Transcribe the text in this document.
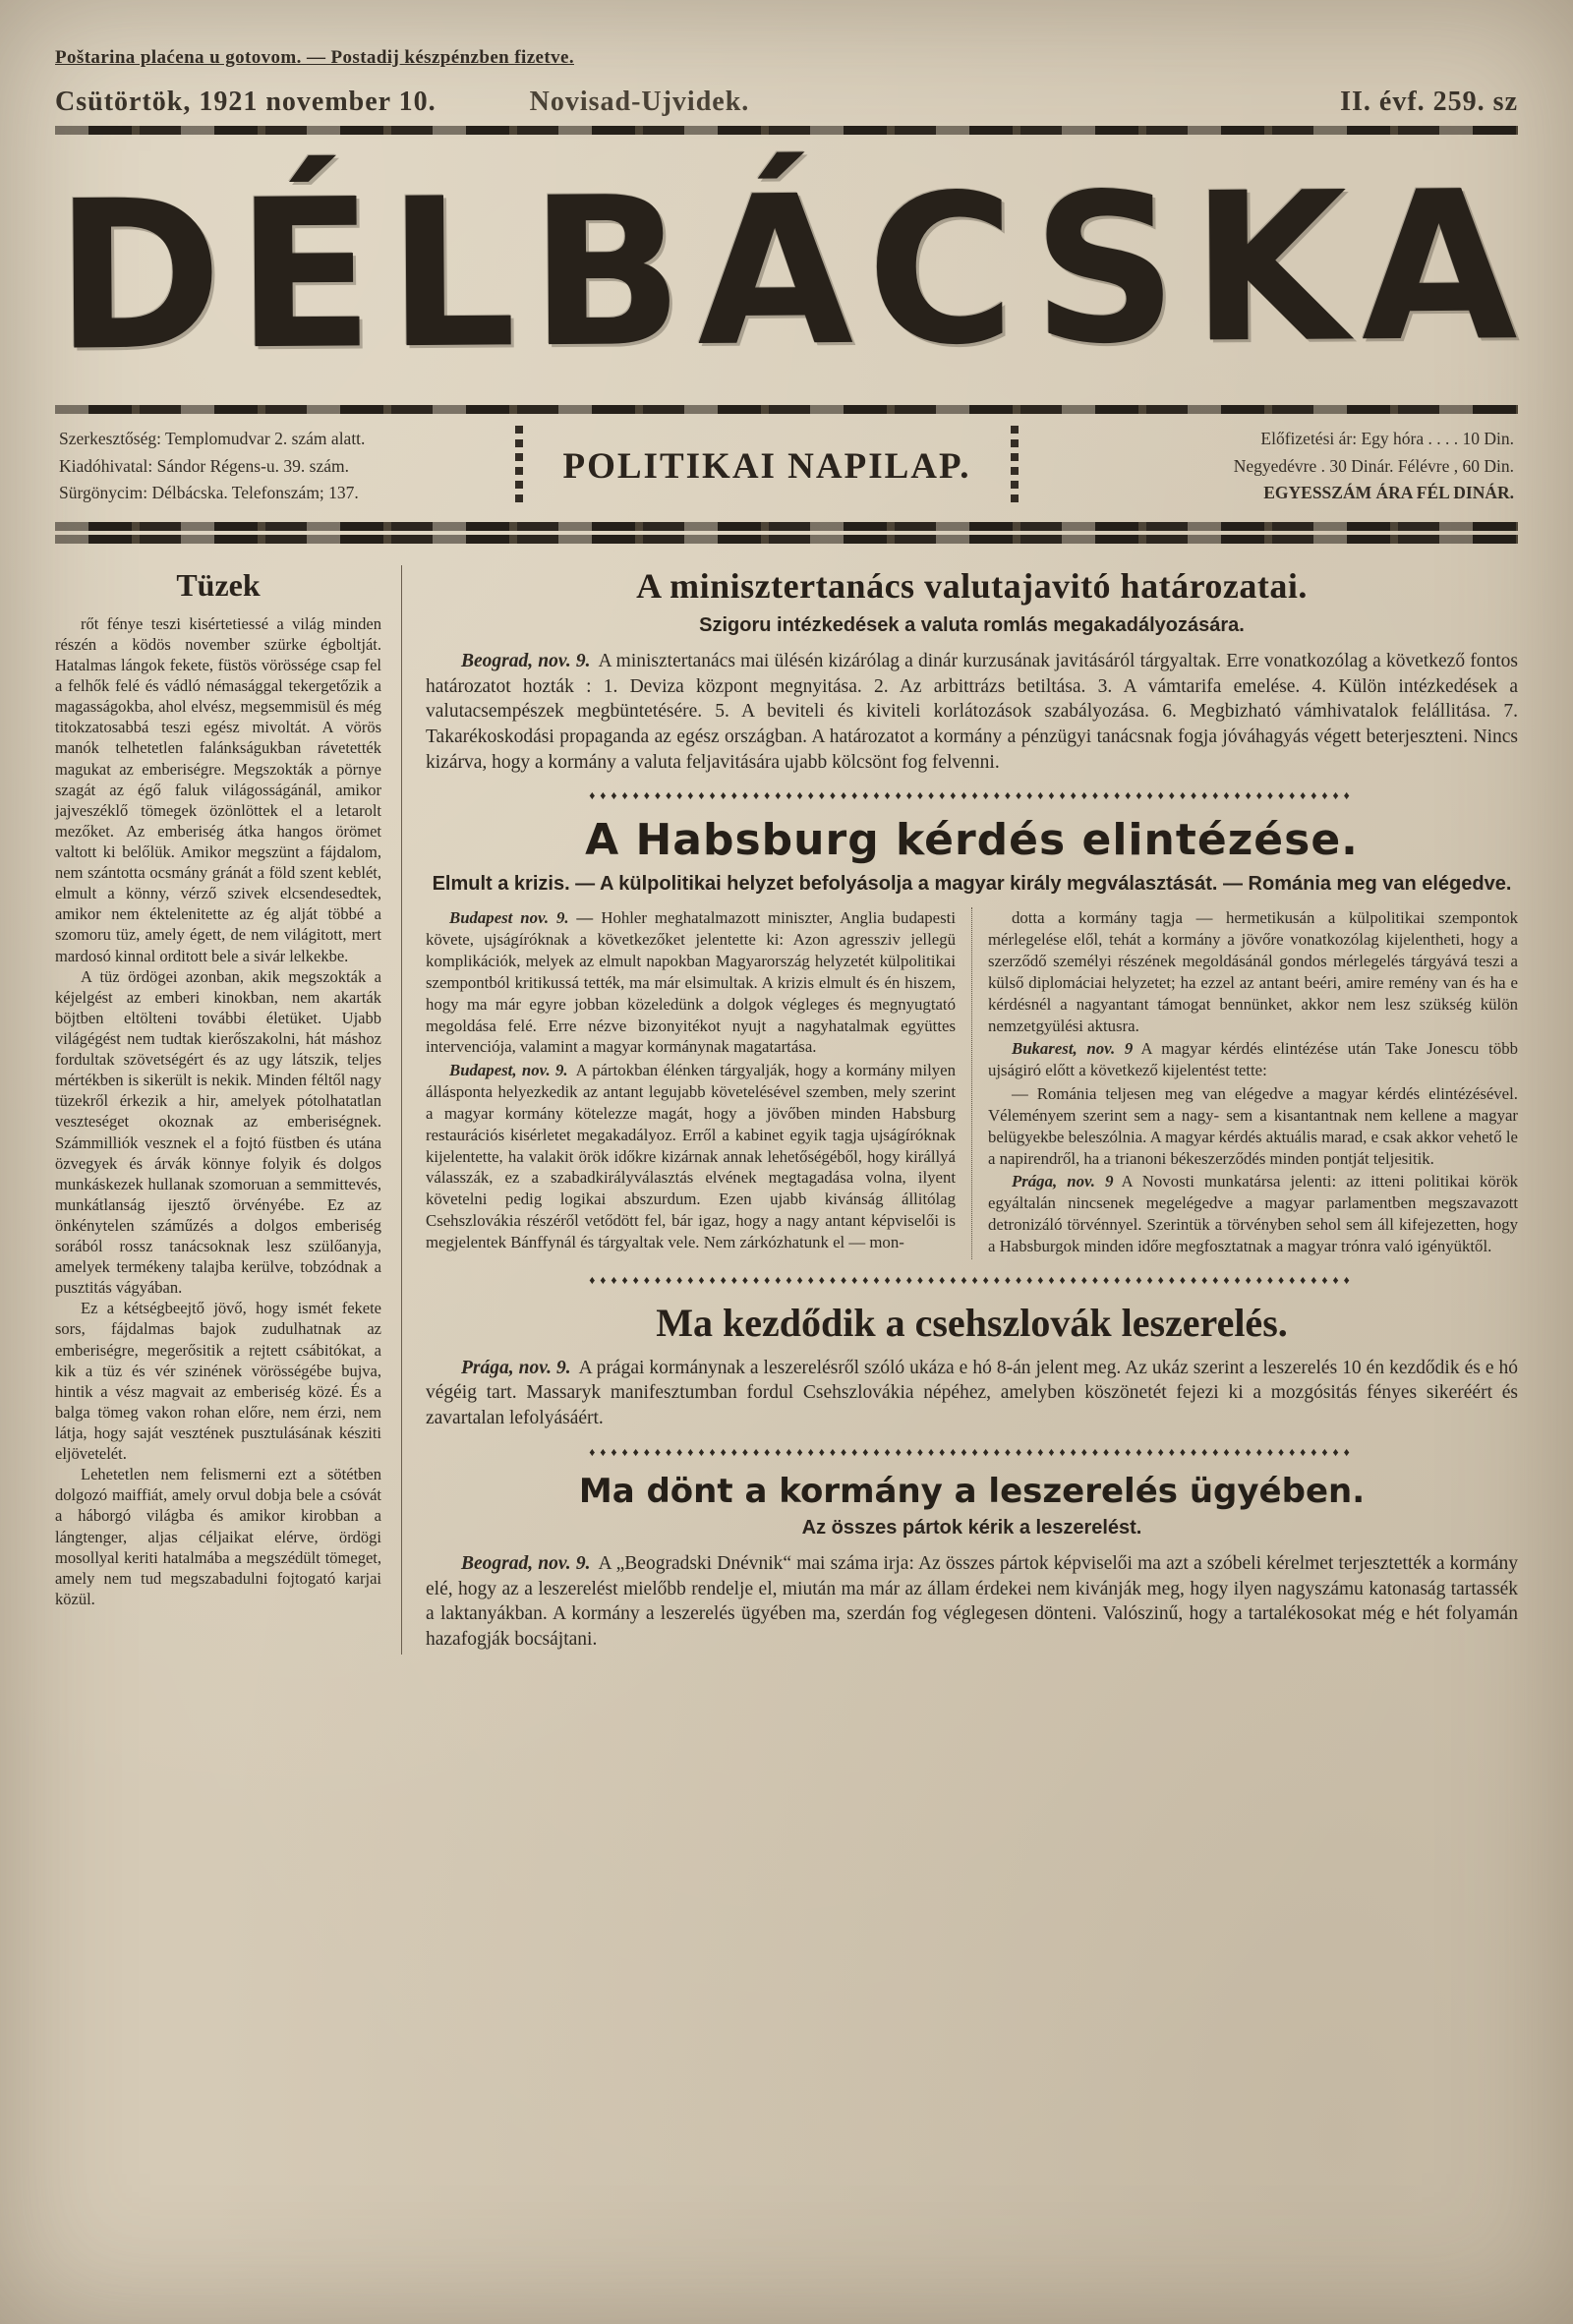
Poštarina plaćena u gotovom. — Postadij készpénzben fizetve.
Csütörtök, 1921 november 10.	Novisad-Ujvidek.	II. évf. 259. sz
DÉLBÁCSKA
Szerkesztőség: Templomudvar 2. szám alatt.
Kiadóhivatal: Sándor Régens-u. 39. szám.
Sürgönycim: Délbácska. Telefonszám; 137.
POLITIKAI NAPILAP.
Előfizetési ár: Egy hóra . . . . 10 Din.
Negyedévre . 30 Dinár. Félévre , 60 Din.
EGYESSZÁM ÁRA FÉL DINÁR.
Tüzek

rőt fénye teszi kisértetiessé a világ minden részén a ködös november szürke égboltját. Hatalmas lángok fekete, füstös vörössége csap fel a felhők felé és vádló némasággal tekergetőzik a magasságokba, ahol elvész, megsemmisül és még titokzatosabbá teszi egész mivoltát. A vörös manók telhetetlen falánkságukban rávetették magukat az emberiségre. Megszokták a pörnye szagát az égő faluk világosságánál, amikor jajveszéklő tömegek özönlöttek el a letarolt mezőket. Az emberiség átka hangos örömet valtott ki belőlük. Amikor megszünt a fájdalom, nem szántotta ocsmány gránát a föld szent keblét, elmult a könny, vérző szivek elcsendesedtek, amikor nem éktelenitette az ég alját többé a szomoru tüz, amely égett, de nem világitott, mert mardosó kinnal orditott bele a sivár lelkekbe.

A tüz ördögei azonban, akik megszokták a kéjelgést az emberi kinokban, nem akarták böjtben eltölteni további életüket. Ujabb világégést nem tudtak kierőszakolni, hát máshoz fordultak szövetségért és az ugy látszik, teljes mértékben is sikerült is nekik. Minden féltől nagy tüzekről érkezik a hir, amelyek pótolhatatlan veszteséget okoznak az emberiségnek. Számmilliók vesznek el a fojtó füstben és utána özvegyek és árvák könnye folyik és dolgos munkáskezek hullanak szomoruan a semmittevés, munkátlanság ijesztő örvényébe. Ez az önkénytelen száműzés a dolgos emberiség sorából rossz tanácsoknak lesz szülőanyja, amelyek termékeny talajba kerülve, tobzódnak a pusztitás vágyában.

Ez a kétségbeejtő jövő, hogy ismét fekete sors, fájdalmas bajok zudulhatnak az emberiségre, megerősitik a rejtett csábitókat, a kik a tüz és vér szinének vörösségébe bujva, hintik a vész magvait az emberiség közé. És a balga tömeg vakon rohan előre, nem érzi, nem látja, hogy saját vesztének pusztulásának késziti eljövetelét.

Lehetetlen nem felismerni ezt a sötétben dolgozó maiffiát, amely orvul dobja bele a csóvát a háborgó világba és amikor kirobban a lángtenger, aljas céljaikat elérve, ördögi mosollyal keriti hatalmába a megszédült tömeget, amely nem tud megszabadulni fojtogató karjai közül.

A minisztertanács valutajavitó határozatai.
Szigoru intézkedések a valuta romlás megakadályozására.

Beograd, nov. 9. A minisztertanács mai ülésén kizárólag a dinár kurzusának javitásáról tárgyaltak. Erre vonatkozólag a következő fontos határozatot hozták : 1. Deviza központ megnyitása. 2. Az arbittrázs betiltása. 3. A vámtarifa emelése. 4. Külön intézkedések a valutacsempészek megbüntetésére. 5. A beviteli és kiviteli korlátozások szabályozása. 6. Megbizható vámhivatalok felállitása. 7. Takarékoskodási propaganda az egész országban. A határozatot a kormány a pénzügyi tanácsnak fogja jóváhagyás végett beterjeszteni. Nincs kizárva, hogy a kormány a valuta feljavitására ujabb kölcsönt fog felvenni.

♦♦♦♦♦♦♦♦♦♦♦♦♦♦♦♦♦♦♦♦♦♦♦♦♦♦♦♦♦♦♦♦♦♦♦♦♦♦♦♦♦♦♦♦♦♦♦♦♦♦♦♦♦♦♦♦♦♦♦♦♦♦♦♦♦♦♦♦♦♦
A Habsburg kérdés elintézése.
Elmult a krizis. — A külpolitikai helyzet befolyásolja a magyar király megválasztását. — Románia meg van elégedve.

Budapest nov. 9. — Hohler meghatalmazott miniszter, Anglia budapesti követe, ujságíróknak a következőket jelentette ki: Azon agressziv jellegü komplikációk, melyek az elmult napokban Magyarország helyzetét külpolitikai szempontból kritikussá tették, ma már elsimultak. A krizis elmult és én hiszem, hogy ma már egyre jobban közeledünk a dolgok végleges és megnyugtató megoldása felé. Erre nézve bizonyitékot nyujt a nagyhatalmak együttes intervenciója, valamint a magyar kormánynak magatartása.

Budapest, nov. 9. A pártokban élénken tárgyalják, hogy a kormány milyen állásponta helyezkedik az antant legujabb követelésével szemben, mely szerint a magyar kormány kötelezze magát, hogy a jövőben minden Habsburg restaurációs kisérletet megakadályoz. Erről a kabinet egyik tagja ujságíróknak kijelentette, ha valakit örök időkre kizárnak annak lehetőségéből, hogy királlyá válasszák, ez a szabadkirályválasztás elvének megtagadása volna, ilyent követelni pedig logikai abszurdum. Ezen ujabb kivánság állitólag Csehszlovákia részéről vetődött fel, bár igaz, hogy a nagy antant képviselői is megjelentek Bánffynál és tárgyaltak vele. Nem zárkózhatunk el — mon-

dotta a kormány tagja — hermetikusán a külpolitikai szempontok mérlegelése elől, tehát a kormány a jövőre vonatkozólag kijelentheti, hogy a szerződő személyi részének megoldásánál gondos mérlegelés tárgyává teszi a külső diplomáciai helyzetet; ha ezzel az antant beéri, amire remény van és ha e kérdésnél a nagyantant támogat bennünket, akkor nem lesz szükség külön nemzetgyülési aktusra.

Bukarest, nov. 9 A magyar kérdés elintézése után Take Jonescu több ujságiró előtt a következő kijelentést tette:

— Románia teljesen meg van elégedve a magyar kérdés elintézésével. Véleményem szerint sem a nagy- sem a kisantantnak nem kellene a magyar belügyekbe beleszólnia. A magyar kérdés aktuális marad, e csak akkor vehető le a napirendről, ha a trianoni békeszerződés minden pontját teljesitik.

Prága, nov. 9 A Novosti munkatársa jelenti: az itteni politikai körök egyáltalán nincsenek megelégedve a magyar parlamentben megszavazott detronizáló törvénnyel. Szerintük a törvényben sehol sem áll kifejezetten, hogy a Habsburgok minden időre megfosztatnak a magyar trónra való igényüktől.

♦♦♦♦♦♦♦♦♦♦♦♦♦♦♦♦♦♦♦♦♦♦♦♦♦♦♦♦♦♦♦♦♦♦♦♦♦♦♦♦♦♦♦♦♦♦♦♦♦♦♦♦♦♦♦♦♦♦♦♦♦♦♦♦♦♦♦♦♦♦
Ma kezdődik a csehszlovák leszerelés.

Prága, nov. 9. A prágai kormánynak a leszerelésről szóló ukáza e hó 8-án jelent meg. Az ukáz szerint a leszerelés 10 én kezdődik és e hó végéig tart. Massaryk manifesztumban fordul Csehszlovákia népéhez, amelyben köszönetét fejezi ki a mozgósitás fényes sikeréért és zavartalan lefolyásáért.

♦♦♦♦♦♦♦♦♦♦♦♦♦♦♦♦♦♦♦♦♦♦♦♦♦♦♦♦♦♦♦♦♦♦♦♦♦♦♦♦♦♦♦♦♦♦♦♦♦♦♦♦♦♦♦♦♦♦♦♦♦♦♦♦♦♦♦♦♦♦
Ma dönt a kormány a leszerelés ügyében.
Az összes pártok kérik a leszerelést.

Beograd, nov. 9. A „Beogradski Dnévnik“ mai száma irja: Az összes pártok képviselői ma azt a szóbeli kérelmet terjesztették a kormány elé, hogy az a leszerelést mielőbb rendelje el, miután ma már az állam érdekei nem kivánják meg, hogy ilyen nagyszámu katonaság tartassék a laktanyákban. A kormány a leszerelés ügyében ma, szerdán fog véglegesen dönteni. Valószinű, hogy a tartalékosokat még e hét folyamán hazafogják bocsájtani.
